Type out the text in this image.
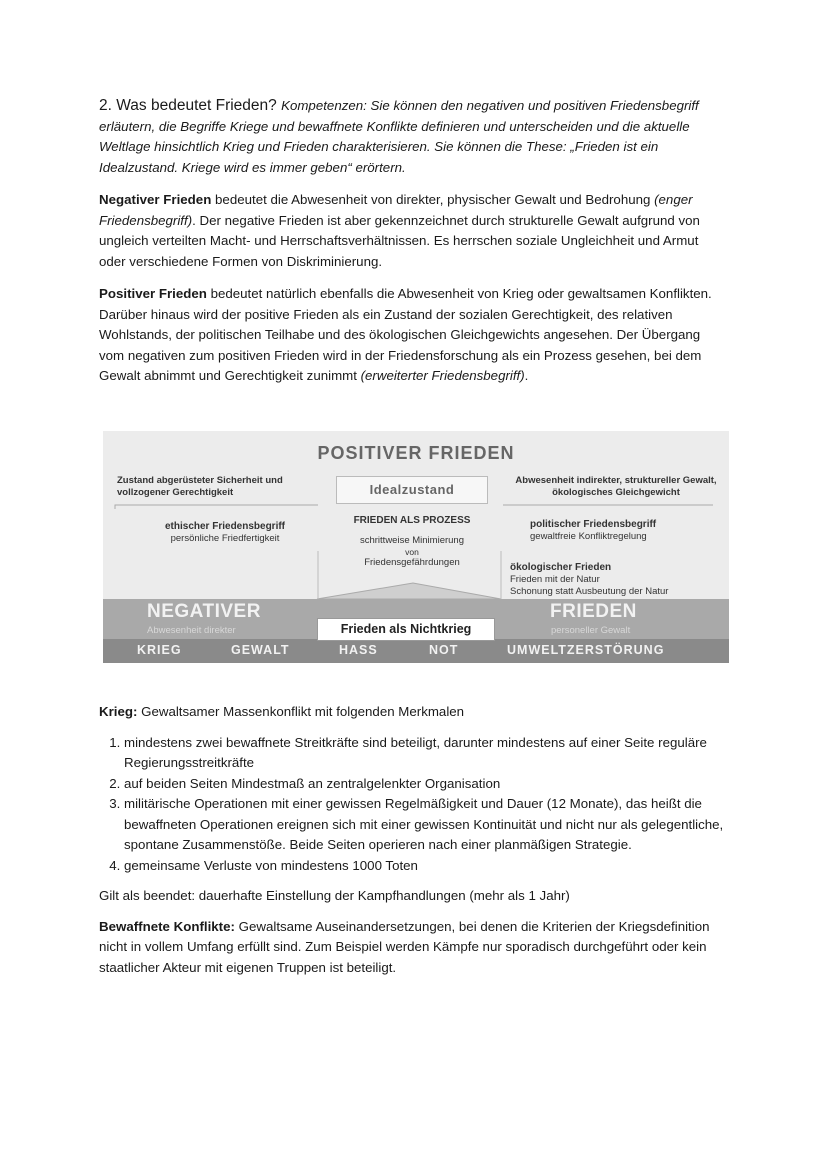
2. Was bedeutet Frieden? Kompetenzen: Sie können den negativen und positiven Friedensbegriff erläutern, die Begriffe Kriege und bewaffnete Konflikte definieren und unterscheiden und die aktuelle Weltlage hinsichtlich Krieg und Frieden charakterisieren. Sie können die These: „Frieden ist ein Idealzustand. Kriege wird es immer geben“ erörtern.

Negativer Frieden bedeutet die Abwesenheit von direkter, physischer Gewalt und Bedrohung (enger Friedensbegriff). Der negative Frieden ist aber gekennzeichnet durch strukturelle Gewalt aufgrund von ungleich verteilten Macht- und Herrschaftsverhältnissen. Es herrschen soziale Ungleichheit und Armut oder verschiedene Formen von Diskriminierung.

Positiver Frieden bedeutet natürlich ebenfalls die Abwesenheit von Krieg oder gewaltsamen Konflikten. Darüber hinaus wird der positive Frieden als ein Zustand der sozialen Gerechtigkeit, des relativen Wohlstands, der politischen Teilhabe und des ökologischen Gleichgewichts angesehen. Der Übergang vom negativen zum positiven Frieden wird in der Friedensforschung als ein Prozess gesehen, bei dem Gewalt abnimmt und Gerechtigkeit zunimmt (erweiterter Friedensbegriff).

POSITIVER FRIEDEN
Zustand abgerüsteter Sicherheit und vollzogener Gerechtigkeit	Idealzustand
Abwesenheit indirekter, struktureller Gewalt, ökologisches Gleichgewicht
ethischer Friedensbegriff
persönliche Friedfertigkeit
FRIEDEN ALS PROZESS
schrittweise Minimierung
von
Friedensgefährdungen
politischer Friedensbegriff
gewaltfreie Konfliktregelung
ökologischer Frieden
Frieden mit der Natur
Schonung statt Ausbeutung der Natur
NEGATIVER
Abwesenheit direkter
FRIEDEN
personeller Gewalt
Frieden als Nichtkrieg
KRIEG	GEWALT	HASS	NOT	UMWELTZERSTÖRUNG

Krieg: Gewaltsamer Massenkonflikt mit folgenden Merkmalen

1. mindestens zwei bewaffnete Streitkräfte sind beteiligt, darunter mindestens auf einer Seite reguläre Regierungsstreitkräfte
2. auf beiden Seiten Mindestmaß an zentralgelenkter Organisation
3. militärische Operationen mit einer gewissen Regelmäßigkeit und Dauer (12 Monate), das heißt die bewaffneten Operationen ereignen sich mit einer gewissen Kontinuität und nicht nur als gelegentliche, spontane Zusammenstöße. Beide Seiten operieren nach einer planmäßigen Strategie.
4. gemeinsame Verluste von mindestens 1000 Toten

Gilt als beendet: dauerhafte Einstellung der Kampfhandlungen (mehr als 1 Jahr)

Bewaffnete Konflikte: Gewaltsame Auseinandersetzungen, bei denen die Kriterien der Kriegsdefinition nicht in vollem Umfang erfüllt sind. Zum Beispiel werden Kämpfe nur sporadisch durchgeführt oder kein staatlicher Akteur mit eigenen Truppen ist beteiligt.
